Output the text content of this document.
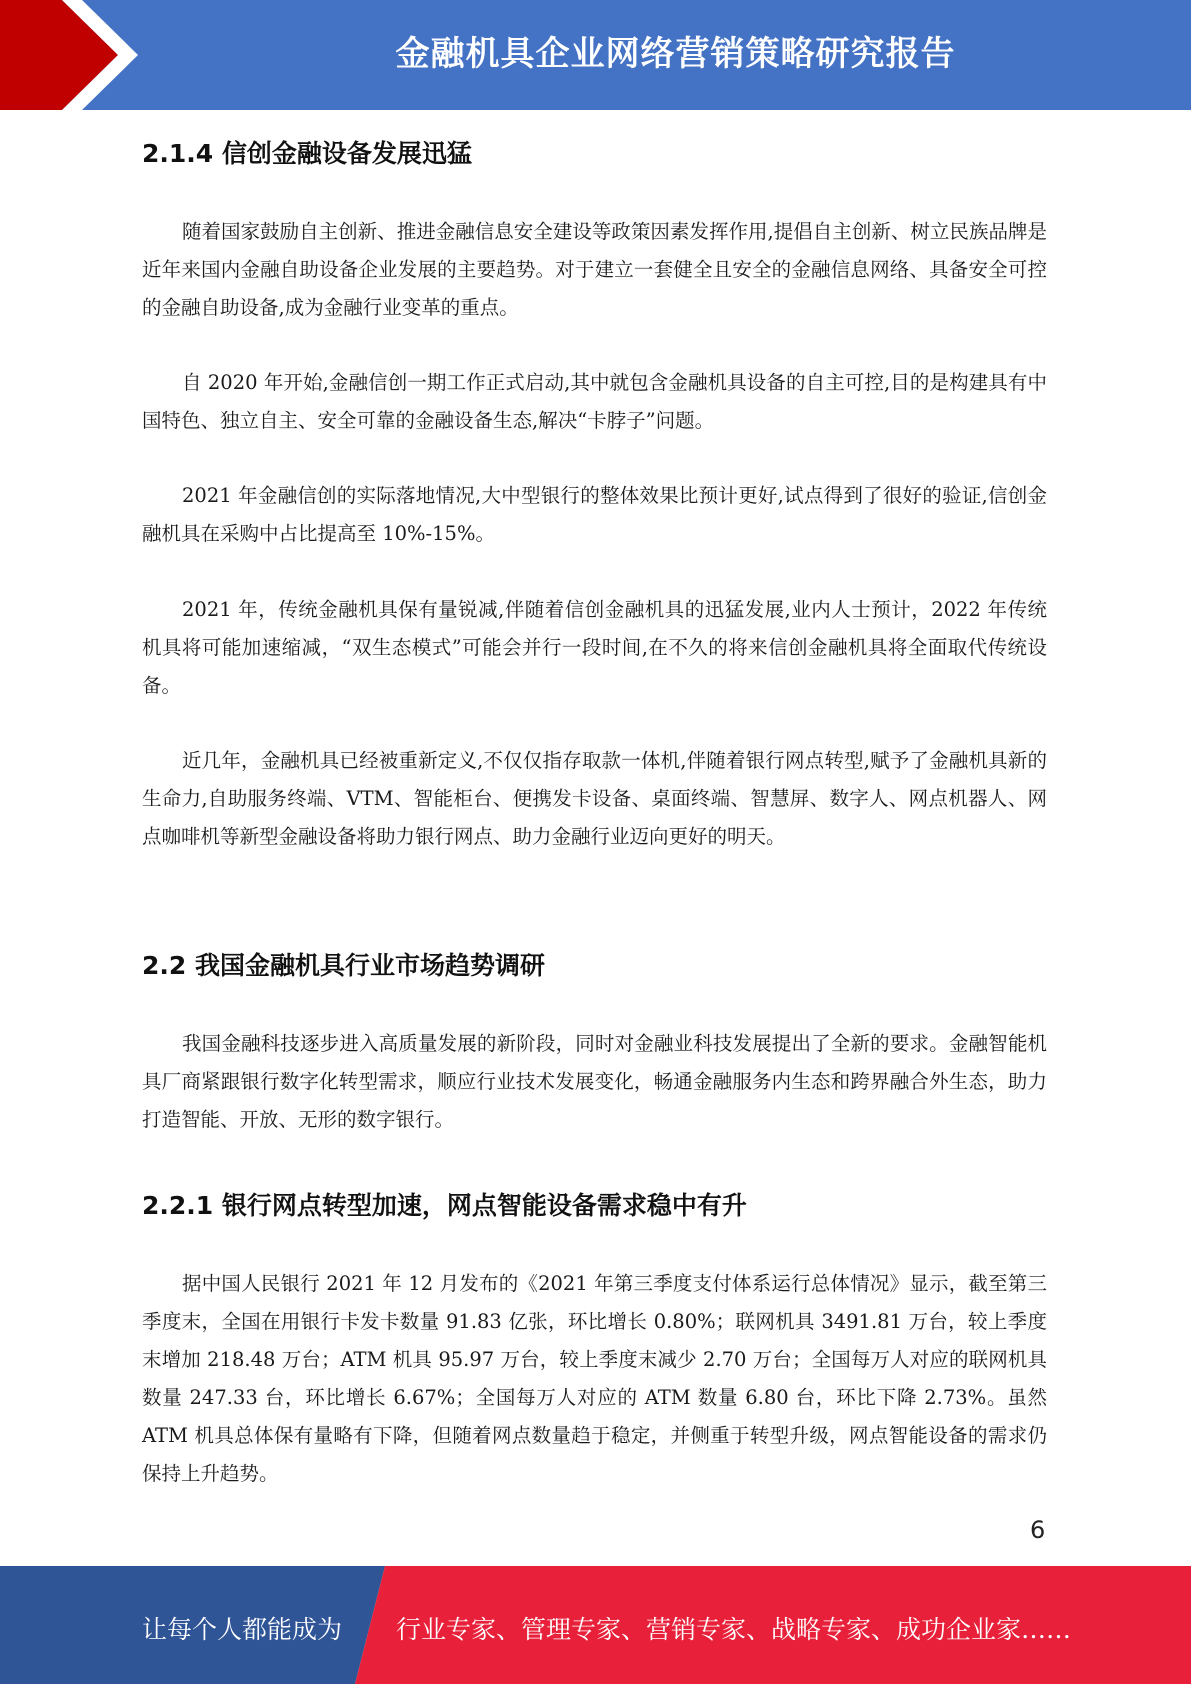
金融机具企业网络营销策略研究报告
2.1.4 信创金融设备发展迅猛
随着国家鼓励自主创新、推进金融信息安全建设等政策因素发挥作用,提倡自主创新、树立民族品牌是近年来国内金融自助设备企业发展的主要趋势。对于建立一套健全且安全的金融信息网络、具备安全可控的金融自助设备,成为金融行业变革的重点。
自 2020 年开始,金融信创一期工作正式启动,其中就包含金融机具设备的自主可控,目的是构建具有中国特色、独立自主、安全可靠的金融设备生态,解决“卡脖子”问题。
2021 年金融信创的实际落地情况,大中型银行的整体效果比预计更好,试点得到了很好的验证,信创金融机具在采购中占比提高至 10%-15%。
2021 年，传统金融机具保有量锐减,伴随着信创金融机具的迅猛发展,业内人士预计，2022 年传统机具将可能加速缩减，“双生态模式”可能会并行一段时间,在不久的将来信创金融机具将全面取代传统设备。
近几年，金融机具已经被重新定义,不仅仅指存取款一体机,伴随着银行网点转型,赋予了金融机具新的生命力,自助服务终端、VTM、智能柜台、便携发卡设备、桌面终端、智慧屏、数字人、网点机器人、网点咖啡机等新型金融设备将助力银行网点、助力金融行业迈向更好的明天。
2.2 我国金融机具行业市场趋势调研
我国金融科技逐步进入高质量发展的新阶段，同时对金融业科技发展提出了全新的要求。金融智能机具厂商紧跟银行数字化转型需求，顺应行业技术发展变化，畅通金融服务内生态和跨界融合外生态，助力打造智能、开放、无形的数字银行。
2.2.1 银行网点转型加速，网点智能设备需求稳中有升
据中国人民银行 2021 年 12 月发布的《2021 年第三季度支付体系运行总体情况》显示，截至第三季度末，全国在用银行卡发卡数量 91.83 亿张，环比增长 0.80%；联网机具 3491.81 万台，较上季度末增加 218.48 万台；ATM 机具 95.97 万台，较上季度末减少 2.70 万台；全国每万人对应的联网机具数量 247.33 台，环比增长 6.67%；全国每万人对应的 ATM 数量 6.80 台，环比下降 2.73%。虽然 ATM 机具总体保有量略有下降，但随着网点数量趋于稳定，并侧重于转型升级，网点智能设备的需求仍保持上升趋势。
6
让每个人都能成为 行业专家、管理专家、营销专家、战略专家、成功企业家……
